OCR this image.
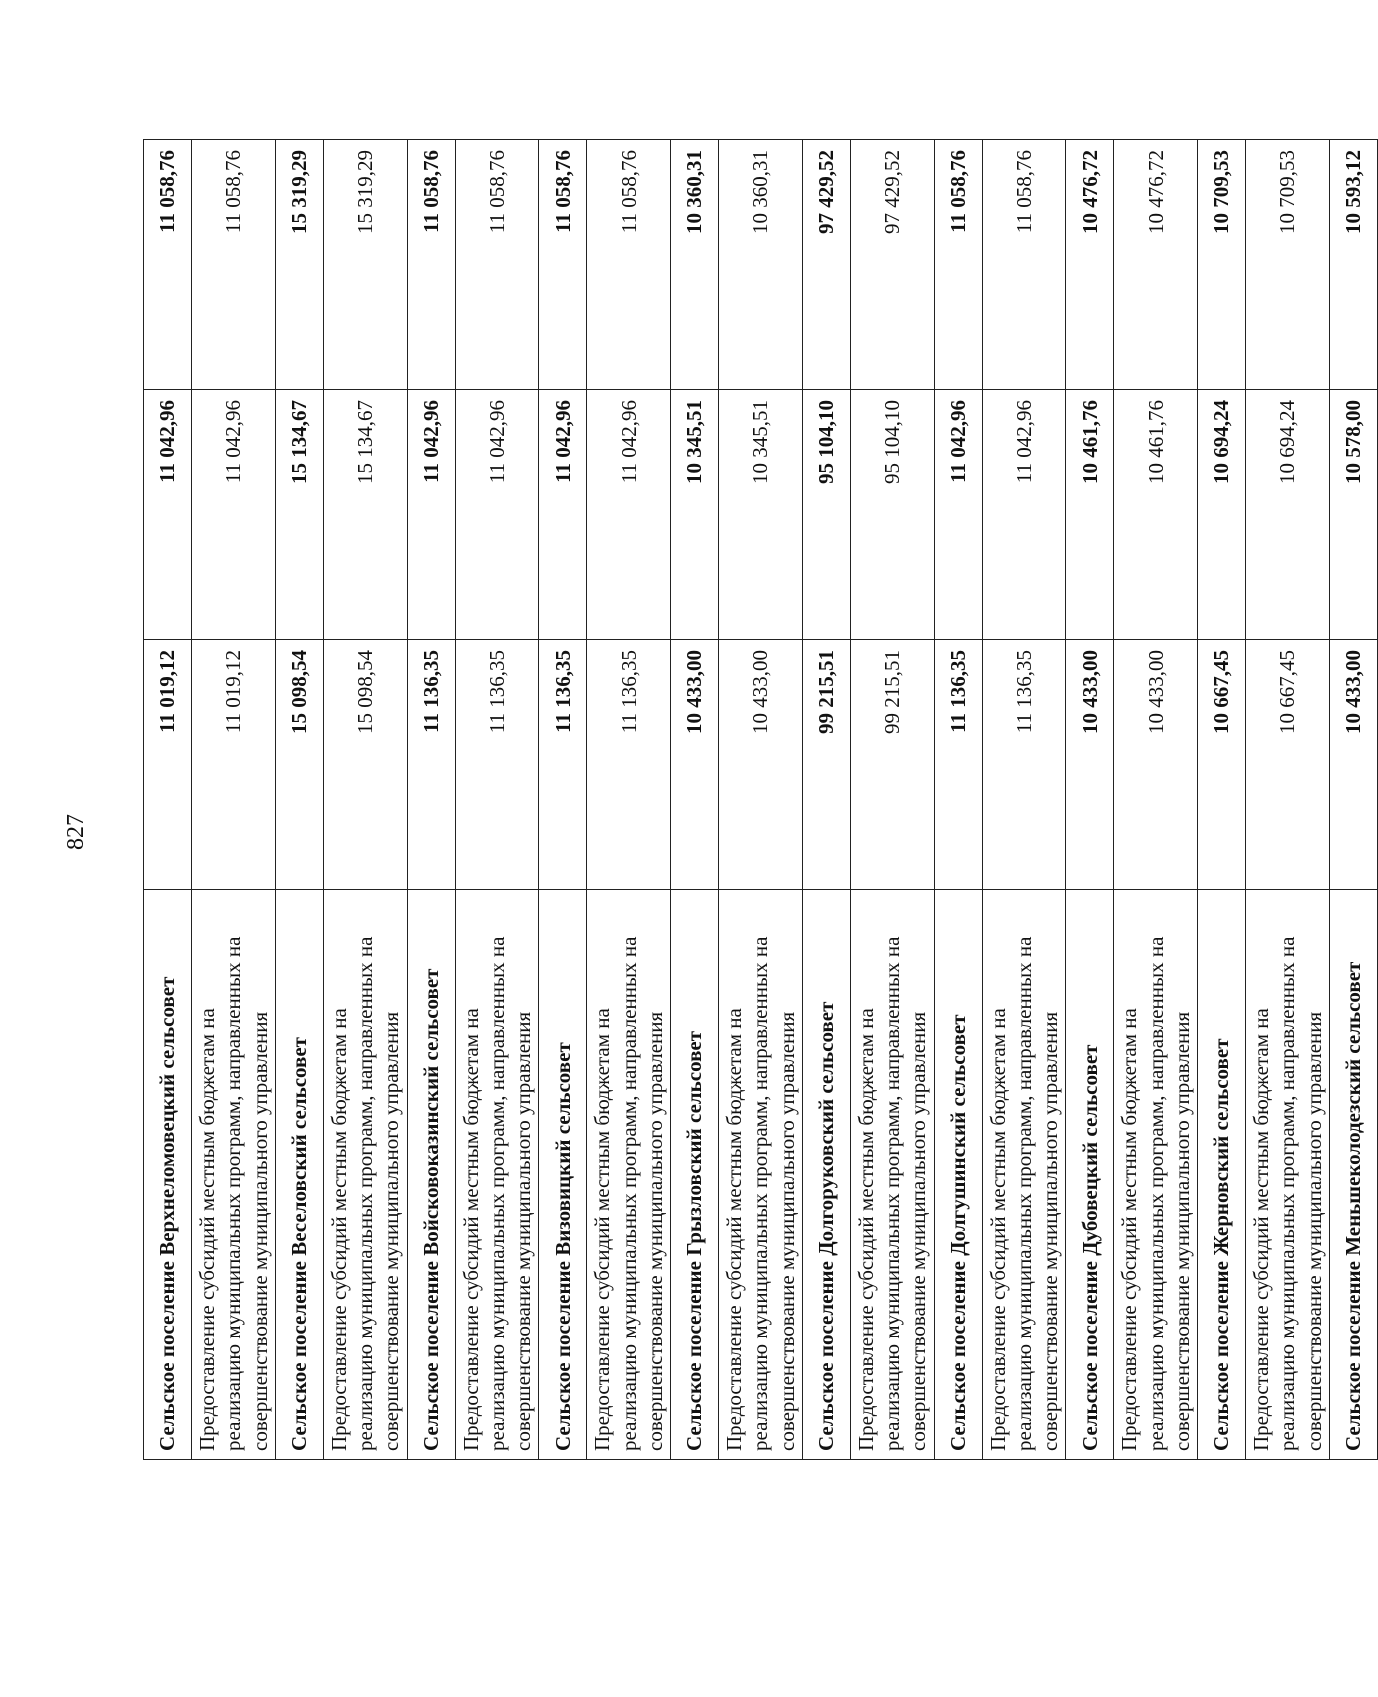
827
Сельское поселение Верхнеломовецкий сельсовет	11 019,12	11 042,96	11 058,76
Предоставление субсидий местным бюджетам на реализацию муниципальных программ, направленных на совершенствование муниципального управления	11 019,12	11 042,96	11 058,76
Сельское поселение Веселовский сельсовет	15 098,54	15 134,67	15 319,29
Предоставление субсидий местным бюджетам на реализацию муниципальных программ, направленных на совершенствование муниципального управления	15 098,54	15 134,67	15 319,29
Сельское поселение Войсковоказинский сельсовет	11 136,35	11 042,96	11 058,76
Предоставление субсидий местным бюджетам на реализацию муниципальных программ, направленных на совершенствование муниципального управления	11 136,35	11 042,96	11 058,76
Сельское поселение Визовицкий сельсовет	11 136,35	11 042,96	11 058,76
Предоставление субсидий местным бюджетам на реализацию муниципальных программ, направленных на совершенствование муниципального управления	11 136,35	11 042,96	11 058,76
Сельское поселение Грызловский сельсовет	10 433,00	10 345,51	10 360,31
Предоставление субсидий местным бюджетам на реализацию муниципальных программ, направленных на совершенствование муниципального управления	10 433,00	10 345,51	10 360,31
Сельское поселение Долгоруковский сельсовет	99 215,51	95 104,10	97 429,52
Предоставление субсидий местным бюджетам на реализацию муниципальных программ, направленных на совершенствование муниципального управления	99 215,51	95 104,10	97 429,52
Сельское поселение Долгушинский сельсовет	11 136,35	11 042,96	11 058,76
Предоставление субсидий местным бюджетам на реализацию муниципальных программ, направленных на совершенствование муниципального управления	11 136,35	11 042,96	11 058,76
Сельское поселение Дубовецкий сельсовет	10 433,00	10 461,76	10 476,72
Предоставление субсидий местным бюджетам на реализацию муниципальных программ, направленных на совершенствование муниципального управления	10 433,00	10 461,76	10 476,72
Сельское поселение Жерновский сельсовет	10 667,45	10 694,24	10 709,53
Предоставление субсидий местным бюджетам на реализацию муниципальных программ, направленных на совершенствование муниципального управления	10 667,45	10 694,24	10 709,53
Сельское поселение Меньшеколодезский сельсовет	10 433,00	10 578,00	10 593,12
